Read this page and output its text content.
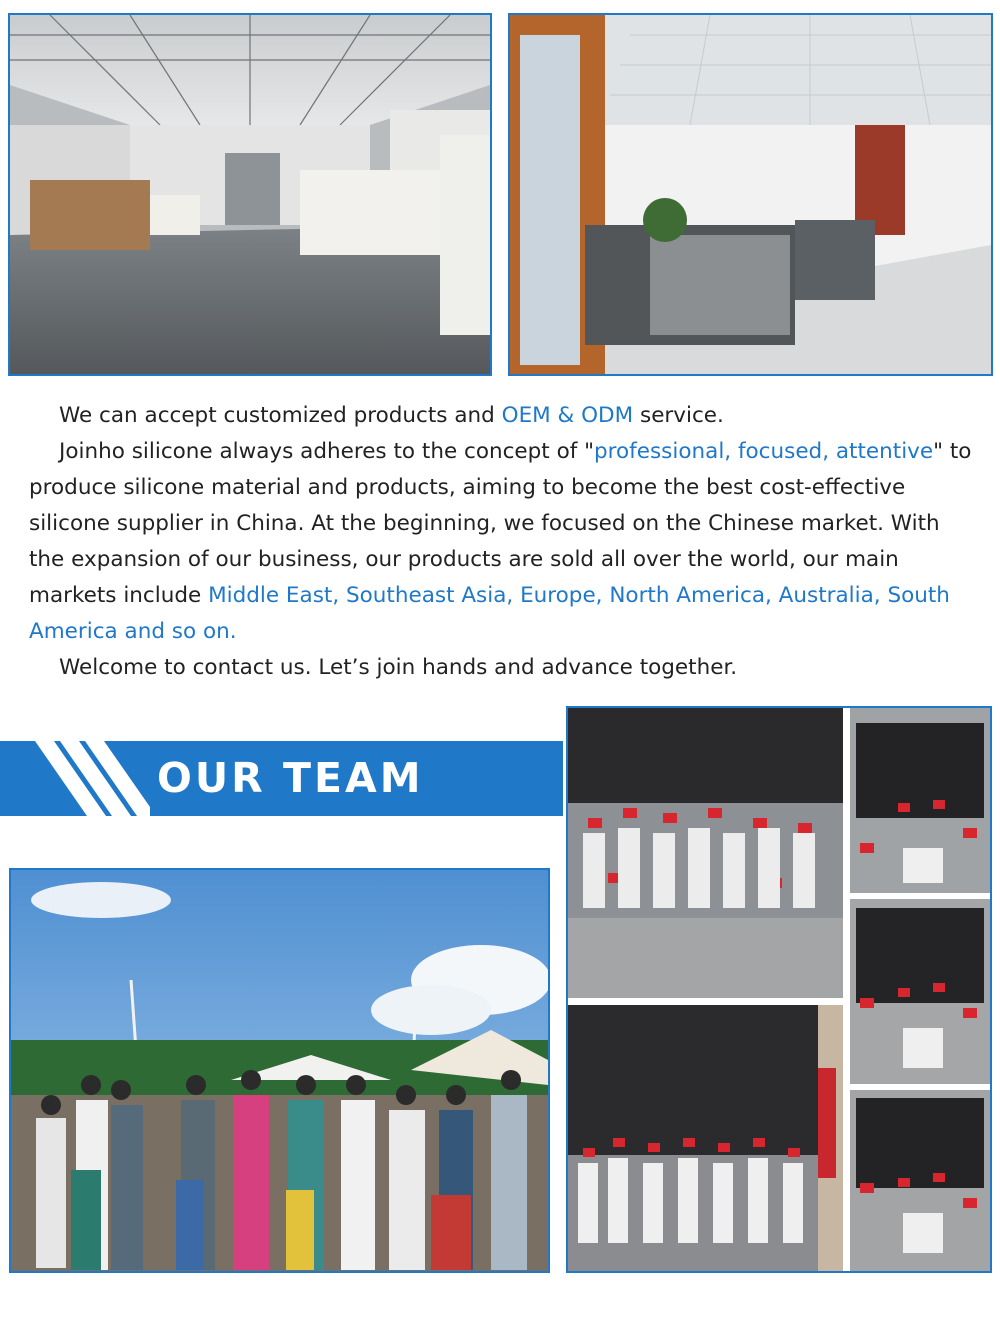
We can accept customized products and OEM & ODM service.

Joinho silicone always adheres to the concept of "professional, focused, attentive" to produce silicone material and products, aiming to become the best cost-effective silicone supplier in China. At the beginning, we focused on the Chinese market. With the expansion of our business, our products are sold all over the world, our main markets include Middle East, Southeast Asia, Europe, North America, Australia, South America and so on.

Welcome to contact us. Let’s join hands and advance together.

OUR TEAM
